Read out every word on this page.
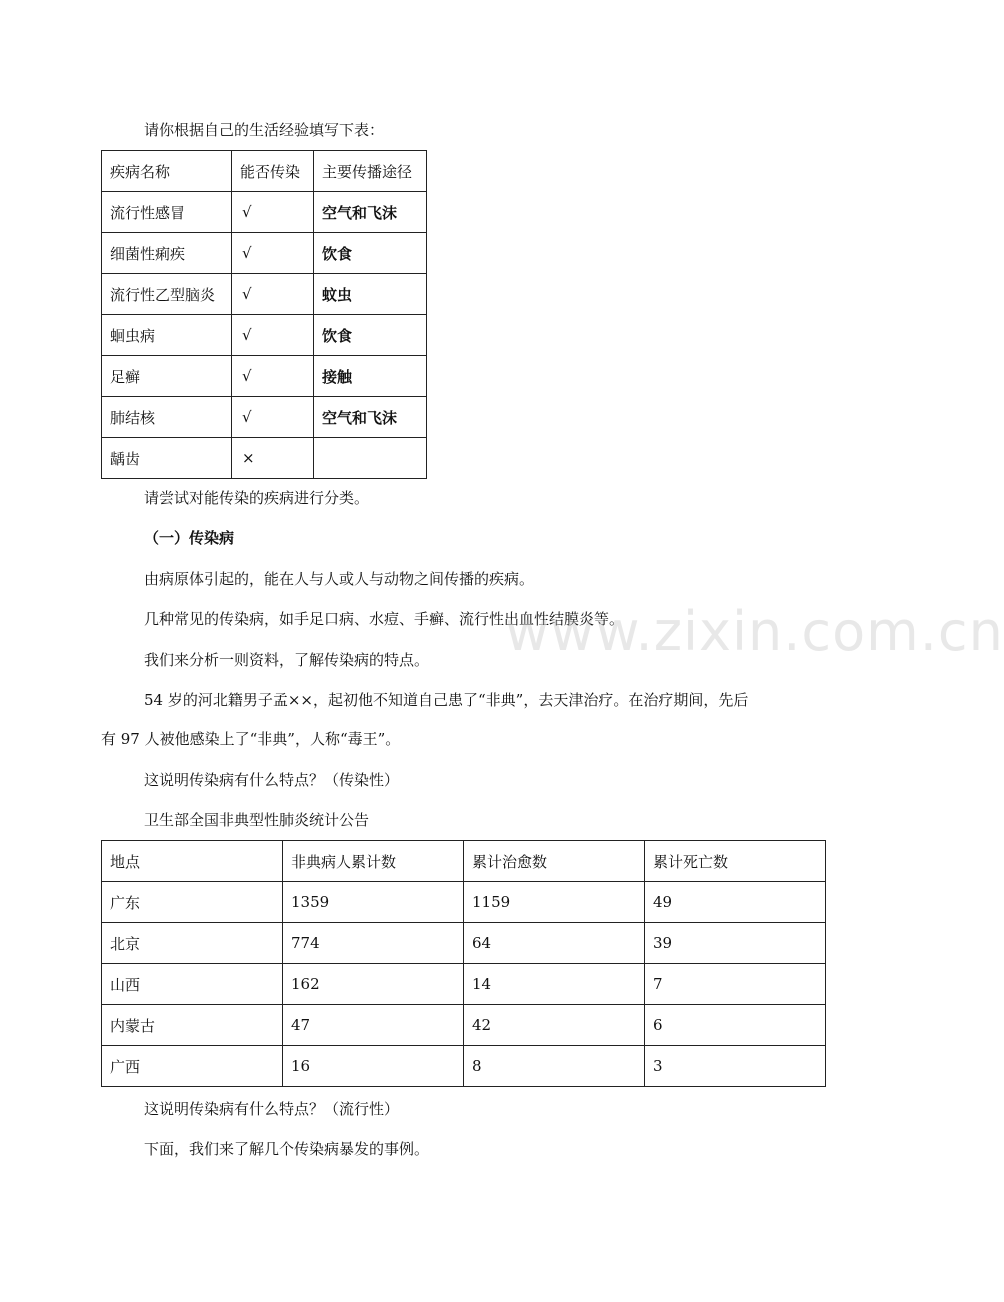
请你根据自己的生活经验填写下表：
疾病名称	能否传染	主要传播途径
流行性感冒	√	空气和飞沫
细菌性痢疾	√	饮食
流行性乙型脑炎	√	蚊虫
蛔虫病	√	饮食
足癣	√	接触
肺结核	√	空气和飞沫
龋齿	×	
请尝试对能传染的疾病进行分类。
（一）传染病
由病原体引起的，能在人与人或人与动物之间传播的疾病。
几种常见的传染病，如手足口病、水痘、手癣、流行性出血性结膜炎等。
我们来分析一则资料，了解传染病的特点。
54 岁的河北籍男子孟××，起初他不知道自己患了“非典”，去天津治疗。在治疗期间，先后
有 97 人被他感染上了“非典”，人称“毒王”。
这说明传染病有什么特点？（传染性）
卫生部全国非典型性肺炎统计公告
地点	非典病人累计数	累计治愈数	累计死亡数
广东	1359	1159	49
北京	774	64	39
山西	162	14	7
内蒙古	47	42	6
广西	16	8	3
这说明传染病有什么特点？（流行性）
下面，我们来了解几个传染病暴发的事例。
www.zixin.com.cn
